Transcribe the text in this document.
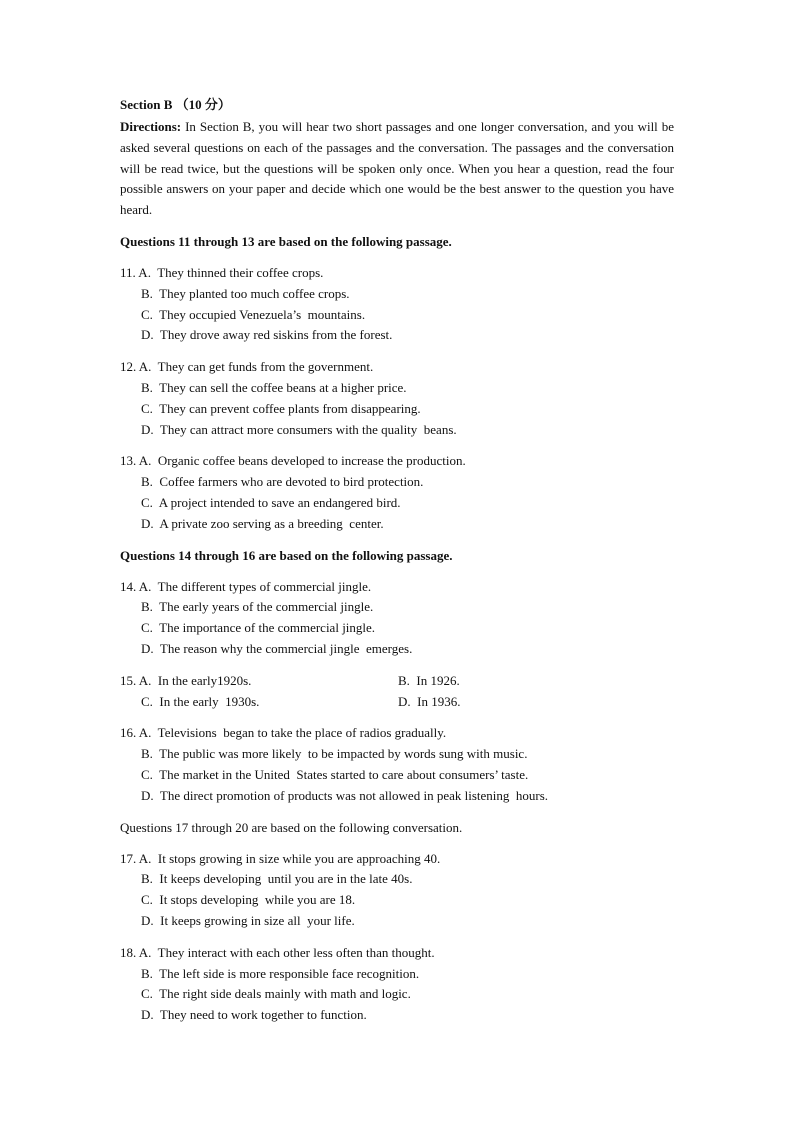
Section B （10 分）

Directions: In Section B, you will hear two short passages and one longer conversation, and you will be asked several questions on each of the passages and the conversation. The passages and the conversation will be read twice, but the questions will be spoken only once. When you hear a question, read the four possible answers on your paper and decide which one would be the best answer to the question you have heard.

Questions 11 through 13 are based on the following passage.

11. A.  They thinned their coffee crops.
B.  They planted too much coffee crops.
C.  They occupied Venezuela’s  mountains.
D.  They drove away red siskins from the forest.
12. A.  They can get funds from the government.
B.  They can sell the coffee beans at a higher price.
C.  They can prevent coffee plants from disappearing.
D.  They can attract more consumers with the quality  beans.
13. A.  Organic coffee beans developed to increase the production.
B.  Coffee farmers who are devoted to bird protection.
C.  A project intended to save an endangered bird.
D.  A private zoo serving as a breeding  center.

Questions 14 through 16 are based on the following passage.

14. A.  The different types of commercial jingle.
B.  The early years of the commercial jingle.
C.  The importance of the commercial jingle.
D.  The reason why the commercial jingle  emerges.
15. A.  In the early1920s.	B.  In 1926.
C.  In the early  1930s.	D.  In 1936.
16. A.  Televisions  began to take the place of radios gradually.
B.  The public was more likely  to be impacted by words sung with music.
C.  The market in the United  States started to care about consumers’ taste.
D.  The direct promotion of products was not allowed in peak listening  hours.

Questions 17 through 20 are based on the following conversation.

17. A.  It stops growing in size while you are approaching 40.
B.  It keeps developing  until you are in the late 40s.
C.  It stops developing  while you are 18.
D.  It keeps growing in size all  your life.
18. A.  They interact with each other less often than thought.
B.  The left side is more responsible face recognition.
C.  The right side deals mainly with math and logic.
D.  They need to work together to function.
